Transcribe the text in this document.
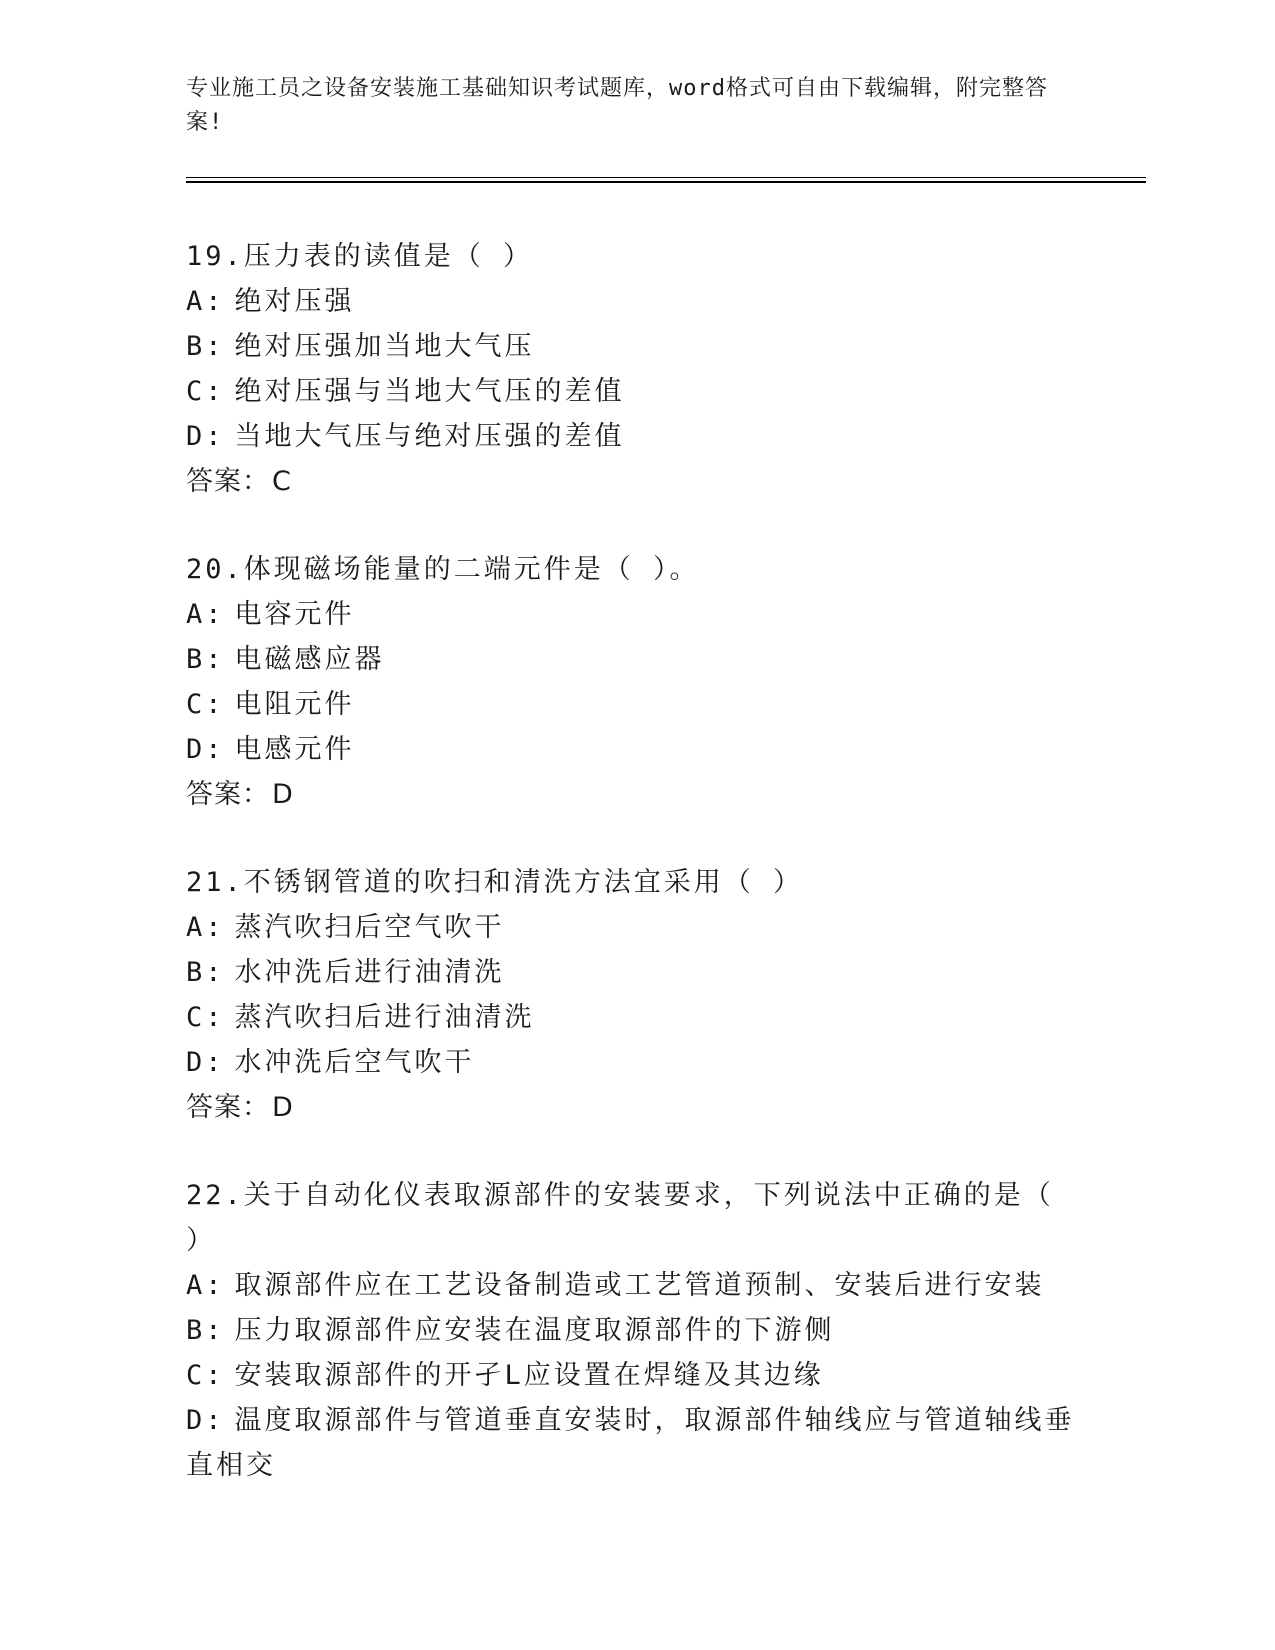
专业施工员之设备安装施工基础知识考试题库，word格式可自由下载编辑，附完整答案!
19.压力表的读值是（ ）
A: 绝对压强
B: 绝对压强加当地大气压
C: 绝对压强与当地大气压的差值
D: 当地大气压与绝对压强的差值
答案：C
20.体现磁场能量的二端元件是（ ）。
A: 电容元件
B: 电磁感应器
C: 电阻元件
D: 电感元件
答案：D
21.不锈钢管道的吹扫和清洗方法宜采用（ ）
A: 蒸汽吹扫后空气吹干
B: 水冲洗后进行油清洗
C: 蒸汽吹扫后进行油清洗
D: 水冲洗后空气吹干
答案：D
22.关于自动化仪表取源部件的安装要求，下列说法中正确的是（ ）
A: 取源部件应在工艺设备制造或工艺管道预制、安装后进行安装
B: 压力取源部件应安装在温度取源部件的下游侧
C: 安装取源部件的开孑L应设置在焊缝及其边缘
D: 温度取源部件与管道垂直安装时，取源部件轴线应与管道轴线垂直相交
